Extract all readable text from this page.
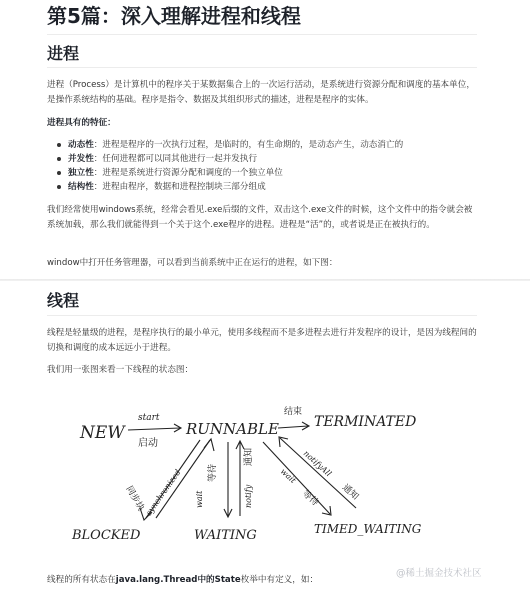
第5篇：深入理解进程和线程
进程

进程（Process）是计算机中的程序关于某数据集合上的一次运行活动，是系统进行资源分配和调度的基本单位，是操作系统结构的基础。程序是指令、数据及其组织形式的描述，进程是程序的实体。

进程具有的特征：

动态性：进程是程序的一次执行过程，是临时的，有生命期的，是动态产生，动态消亡的
并发性：任何进程都可以同其他进行一起并发执行
独立性：进程是系统进行资源分配和调度的一个独立单位
结构性：进程由程序，数据和进程控制块三部分组成

我们经常使用windows系统，经常会看见.exe后缀的文件，双击这个.exe文件的时候，这个文件中的指令就会被系统加载，那么我们就能得到一个关于这个.exe程序的进程。进程是“活”的，或者说是正在被执行的。

window中打开任务管理器，可以看到当前系统中正在运行的进程，如下图：

线程

线程是轻量级的进程，是程序执行的最小单元，使用多线程而不是多进程去进行并发程序的设计，是因为线程间的切换和调度的成本远远小于进程。

我们用一张图来看一下线程的状态图：

NEW	RUNNABLE	TERMINATED
BLOCKED	WAITING	TIMED_WAITING
start
启动
结束
同步块
synchronized wait
等待
notify
通知	notifyAll
通知
wait
等待

线程的所有状态在java.lang.Thread中的State枚举中有定义，如：

@稀土掘金技术社区
